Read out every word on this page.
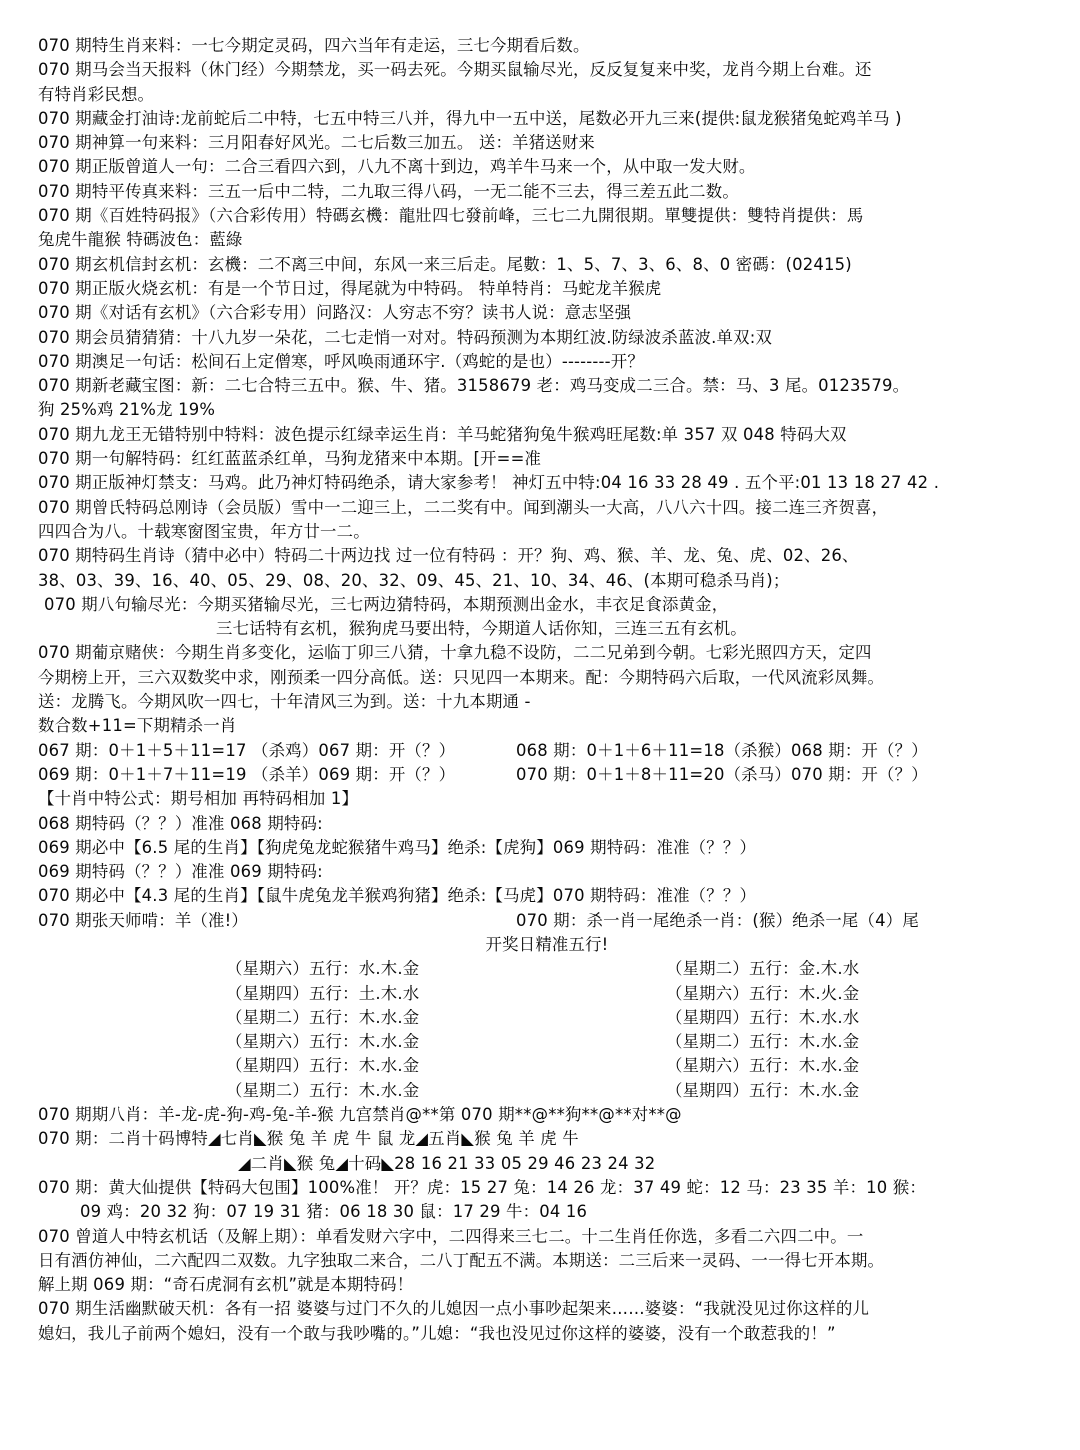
070 期特生肖来料：一七今期定灵码，四六当年有走运，三七今期看后数。
070 期马会当天报料（休门经）今期禁龙，买一码去死。今期买鼠输尽光，反反复复来中奖，龙肖今期上台难。还
有特肖彩民想。
070 期藏金打油诗:龙前蛇后二中特，七五中特三八并，得九中一五中送，尾数必开九三来(提供:鼠龙猴猪兔蛇鸡羊马 )
070 期神算一句来料：三月阳春好风光。二七后数三加五。 送：羊猪送财来
070 期正版曾道人一句：二合三看四六到，八九不离十到边，鸡羊牛马来一个，从中取一发大财。
070 期特平传真来料：三五一后中二特，二九取三得八码，一无二能不三去，得三差五此二数。
070 期《百姓特码报》（六合彩传用）特碼玄機：龍壯四七發前峰，三七二九開很期。單雙提供：雙特肖提供：馬
兔虎牛龍猴 特碼波色：藍綠
070 期玄机信封玄机：玄機：二不离三中间，东风一来三后走。尾數：1、5、7、3、6、8、0 密碼：(02415)
070 期正版火烧玄机：有是一个节日过，得尾就为中特码。 特单特肖：马蛇龙羊猴虎
070 期《对话有玄机》（六合彩专用）问路汉：人穷志不穷？读书人说：意志坚强
070 期会员猜猜猜：十八九岁一朵花，二七走悄一对对。特码预测为本期红波.防绿波杀蓝波.单双:双
070 期澳足一句话：松间石上定僧寒，呼风唤雨通环宇.（鸡蛇的是也）--------开？
070 期新老藏宝图：新：二七合特三五中。猴、牛、猪。3158679 老：鸡马变成二三合。禁：马、3 尾。0123579。
狗 25%鸡 21%龙 19%
070 期九龙王无错特别中特料：波色提示红绿幸运生肖：羊马蛇猪狗兔牛猴鸡旺尾数:单 357 双 048 特码大双
070 期一句解特码：红红蓝蓝杀红单，马狗龙猪来中本期。[开==准
070 期正版神灯禁支：马鸡。此乃神灯特码绝杀，请大家参考！ 神灯五中特:04 16 33 28 49 . 五个平:01 13 18 27 42 .
070 期曾氏特码总刚诗（会员版）雪中一二迎三上，二二奖有中。闻到潮头一大高，八八六十四。接二连三齐贺喜，
四四合为八。十载寒窗图宝贵，年方廿一二。
070 期特码生肖诗（猜中必中）特码二十两边找 过一位有特码 ：开？狗、鸡、猴、羊、龙、兔、虎、02、26、
38、03、39、16、40、05、29、08、20、32、09、45、21、10、34、46、(本期可稳杀马肖)；
070 期八句输尽光：今期买猪输尽光，三七两边猜特码，本期预测出金水，丰衣足食添黄金，
三七话特有玄机，猴狗虎马要出特，今期道人话你知，三连三五有玄机。
070 期葡京赌侠：今期生肖多变化，运临丁卯三八猜，十拿九稳不设防，二二兄弟到今朝。七彩光照四方天，定四
今期榜上开，三六双数奖中求，刚预柔一四分高低。送：只见四一本期来。配：今期特码六后取，一代风流彩凤舞。
送：龙腾飞。今期风吹一四七，十年清风三为到。送：十九本期通 -
数合数+11=下期精杀一肖
067 期：0＋1＋5＋11=17 （杀鸡）067 期：开（？）	068 期：0＋1＋6＋11=18（杀猴）068 期：开（？）
069 期：0＋1＋7＋11=19 （杀羊）069 期：开（？）	070 期：0＋1＋8＋11=20（杀马）070 期：开（？）
【十肖中特公式：期号相加 再特码相加 1】
068 期特码（？？）准准 068 期特码:
069 期必中【6.5 尾的生肖】【狗虎兔龙蛇猴猪牛鸡马】绝杀:【虎狗】069 期特码：准准（？？）
069 期特码（？？）准准 069 期特码:
070 期必中【4.3 尾的生肖】【鼠牛虎兔龙羊猴鸡狗猪】绝杀:【马虎】070 期特码：准准（？？）
070 期张天师啃：羊（准!）	070 期：杀一肖一尾绝杀一肖：(猴）绝杀一尾（4）尾
开奖日精准五行!
（星期六）五行：水.木.金	（星期二）五行：金.木.水
（星期四）五行：土.木.水	（星期六）五行：木.火.金
（星期二）五行：木.水.金	（星期四）五行：木.水.水
（星期六）五行：木.水.金	（星期二）五行：木.水.金
（星期四）五行：木.水.金	（星期六）五行：木.水.金
（星期二）五行：木.水.金	（星期四）五行：木.水.金
070 期期八肖：羊-龙-虎-狗-鸡-兔-羊-猴 九宫禁肖@**第 070 期**@**狗**@**对**@
070 期：二肖十码博特◢七肖◣猴 兔 羊 虎 牛 鼠 龙◢五肖◣猴 兔 羊 虎 牛
◢二肖◣猴 兔◢十码◣28 16 21 33 05 29 46 23 24 32
070 期：黄大仙提供【特码大包围】100%准！ 开？虎：15 27 兔：14 26 龙：37 49 蛇：12 马：23 35 羊：10 猴：
09 鸡：20 32 狗：07 19 31 猪：06 18 30 鼠：17 29 牛：04 16
070 曾道人中特玄机话（及解上期）：单看发财六字中，二四得来三七二。十二生肖任你选，多看二六四二中。一
日有酒仿神仙，二六配四二双数。九字独取二来合，二八丁配五不满。本期送：二三后来一灵码、一一得七开本期。
解上期 069 期：“奇石虎洞有玄机”就是本期特码！
070 期生活幽默破天机：各有一招 婆婆与过门不久的儿媳因一点小事吵起架来……婆婆：“我就没见过你这样的儿
媳妇，我儿子前两个媳妇，没有一个敢与我吵嘴的。”儿媳：“我也没见过你这样的婆婆，没有一个敢惹我的！”
